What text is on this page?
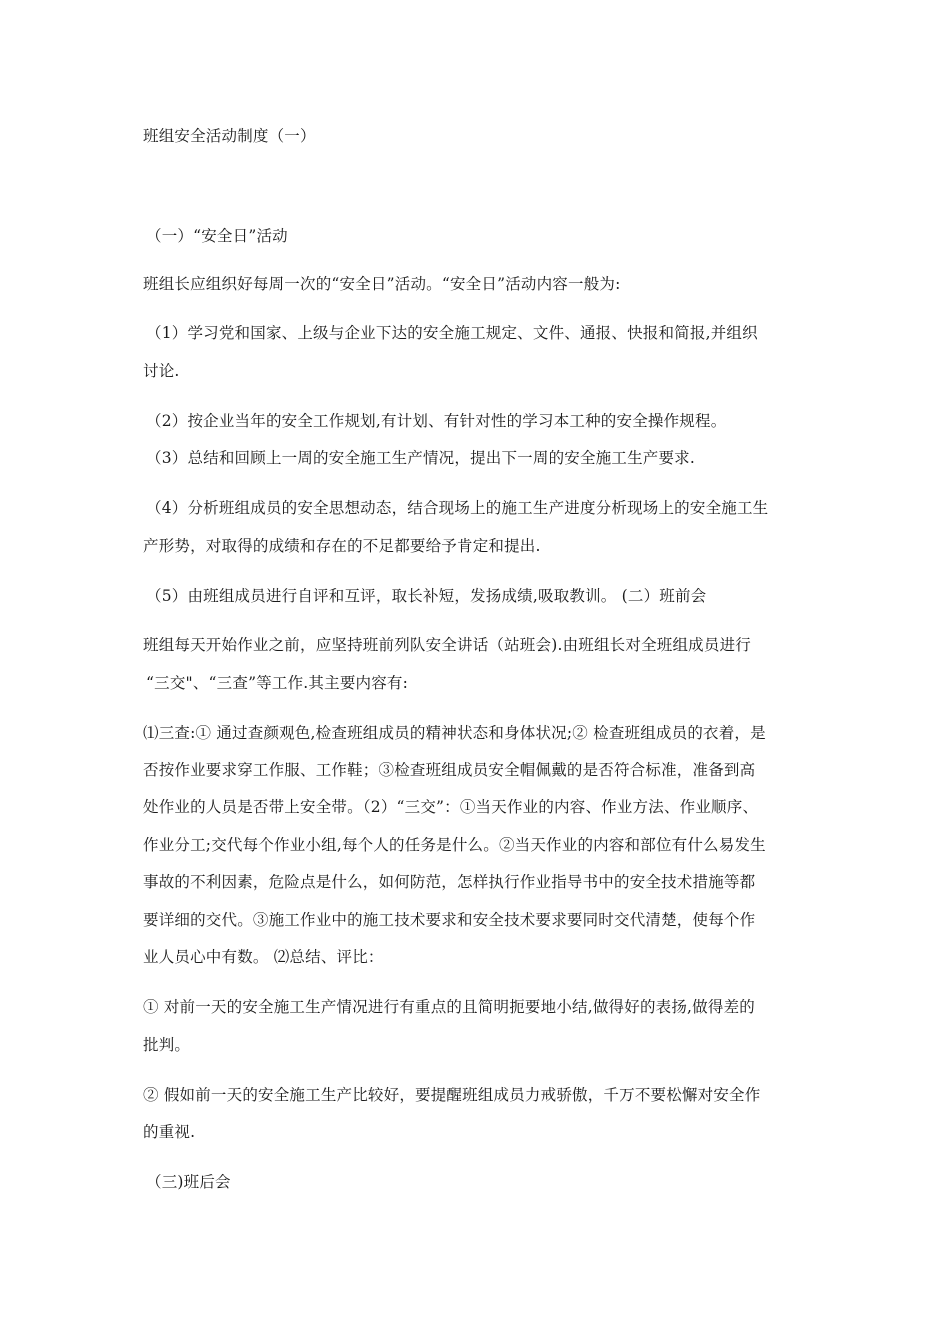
班组安全活动制度（一）
（一）“安全日”活动
班组长应组织好每周一次的“安全日”活动。“安全日”活动内容一般为:
（1）学习党和国家、上级与企业下达的安全施工规定、文件、通报、快报和简报,并组织
讨论.
（2）按企业当年的安全工作规划,有计划、有针对性的学习本工种的安全操作规程。
（3）总结和回顾上一周的安全施工生产情况，提出下一周的安全施工生产要求.
（4）分析班组成员的安全思想动态，结合现场上的施工生产进度分析现场上的安全施工生
产形势，对取得的成绩和存在的不足都要给予肯定和提出.
（5）由班组成员进行自评和互评，取长补短，发扬成绩,吸取教训。 (二）班前会
班组每天开始作业之前，应坚持班前列队安全讲话（站班会).由班组长对全班组成员进行
“三交"、“三查”等工作.其主要内容有:
⑴三查:① 通过查颜观色,检查班组成员的精神状态和身体状况;② 检查班组成员的衣着，是
否按作业要求穿工作服、工作鞋；③检查班组成员安全帽佩戴的是否符合标准，准备到高
处作业的人员是否带上安全带。（2）“三交”：①当天作业的内容、作业方法、作业顺序、
作业分工;交代每个作业小组,每个人的任务是什么。②当天作业的内容和部位有什么易发生
事故的不利因素，危险点是什么，如何防范，怎样执行作业指导书中的安全技术措施等都
要详细的交代。③施工作业中的施工技术要求和安全技术要求要同时交代清楚，使每个作
业人员心中有数。 ⑵总结、评比：
① 对前一天的安全施工生产情况进行有重点的且简明扼要地小结,做得好的表扬,做得差的
批判。
② 假如前一天的安全施工生产比较好，要提醒班组成员力戒骄傲，千万不要松懈对安全作
的重视.
（三)班后会
